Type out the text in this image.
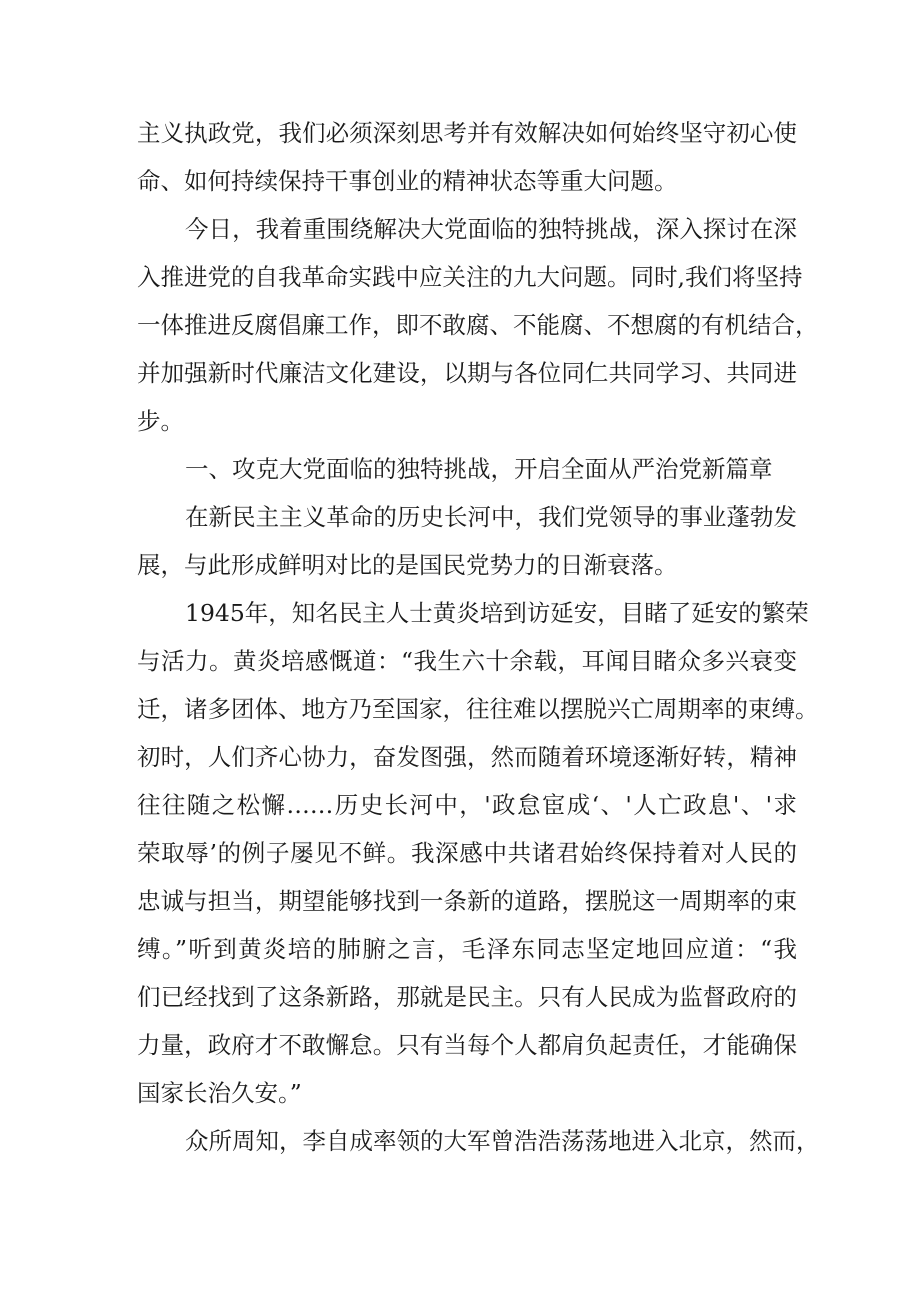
主义执政党，我们必须深刻思考并有效解决如何始终坚守初心使

命、如何持续保持干事创业的精神状态等重大问题。

今日，我着重围绕解决大党面临的独特挑战，深入探讨在深

入推进党的自我革命实践中应关注的九大问题。同时,我们将坚持

一体推进反腐倡廉工作，即不敢腐、不能腐、不想腐的有机结合，

并加强新时代廉洁文化建设，以期与各位同仁共同学习、共同进

步。

一、攻克大党面临的独特挑战，开启全面从严治党新篇章

在新民主主义革命的历史长河中，我们党领导的事业蓬勃发

展，与此形成鲜明对比的是国民党势力的日渐衰落。

1945年，知名民主人士黄炎培到访延安，目睹了延安的繁荣

与活力。黄炎培感慨道：“我生六十余载，耳闻目睹众多兴衰变

迁，诸多团体、地方乃至国家，往往难以摆脱兴亡周期率的束缚。

初时，人们齐心协力，奋发图强，然而随着环境逐渐好转，精神

往往随之松懈……历史长河中，'政怠宦成‘、'人亡政息'、'求

荣取辱’的例子屡见不鲜。我深感中共诸君始终保持着对人民的

忠诚与担当，期望能够找到一条新的道路，摆脱这一周期率的束

缚。”听到黄炎培的肺腑之言，毛泽东同志坚定地回应道：“我

们已经找到了这条新路，那就是民主。只有人民成为监督政府的

力量，政府才不敢懈怠。只有当每个人都肩负起责任，才能确保

国家长治久安。”

众所周知，李自成率领的大军曾浩浩荡荡地进入北京，然而，
